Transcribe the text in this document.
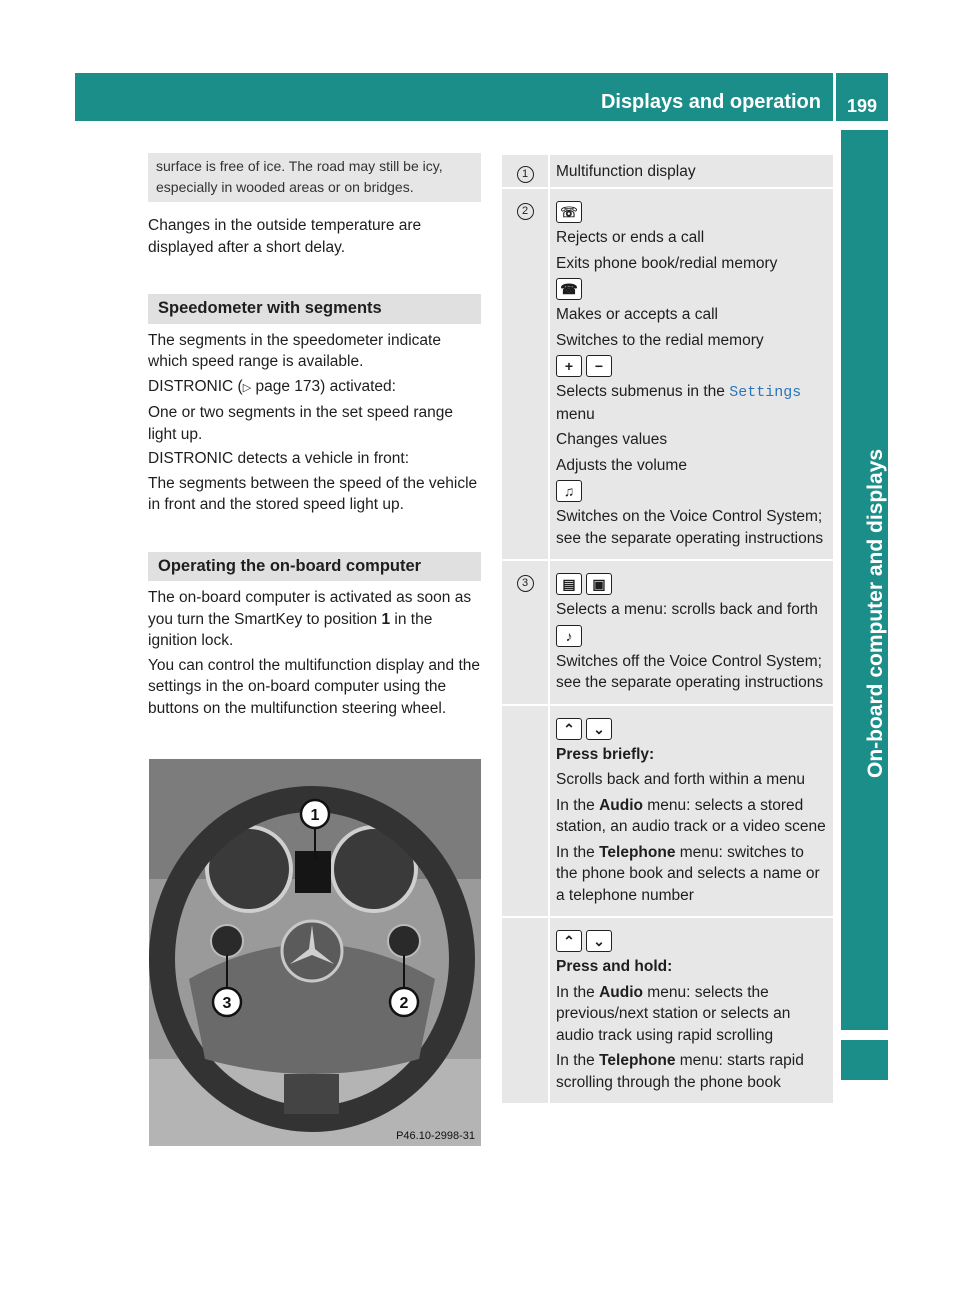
Displays and operation	199
On-board computer and displays
surface is free of ice. The road may still be icy, especially in wooded areas or on bridges.

Changes in the outside temperature are displayed after a short delay.

Speedometer with segments

The segments in the speedometer indicate which speed range is available.

DISTRONIC (▷ page 173) activated:

One or two segments in the set speed range light up.

DISTRONIC detects a vehicle in front:

The segments between the speed of the vehicle in front and the stored speed light up.

Operating the on-board computer

The on-board computer is activated as soon as you turn the SmartKey to position 1 in the ignition lock.

You can control the multifunction display and the settings in the on-board computer using the buttons on the multifunction steering wheel.

1
2
3
P46.10-2998-31
1	Multifunction display
2	☏
Rejects or ends a call
Exits phone book/redial memory
☎
Makes or accepts a call
Switches to the redial memory
+ −
Selects submenus in the Settings menu
Changes values
Adjusts the volume
♫
Switches on the Voice Control System; see the separate operating instructions
3	▤ ▣
Selects a menu: scrolls back and forth
♪
Switches off the Voice Control System; see the separate operating instructions
⌃ ⌄
Press briefly:
Scrolls back and forth within a menu
In the Audio menu: selects a stored station, an audio track or a video scene
In the Telephone menu: switches to the phone book and selects a name or a telephone number
⌃ ⌄
Press and hold:
In the Audio menu: selects the previous/next station or selects an audio track using rapid scrolling
In the Telephone menu: starts rapid scrolling through the phone book
